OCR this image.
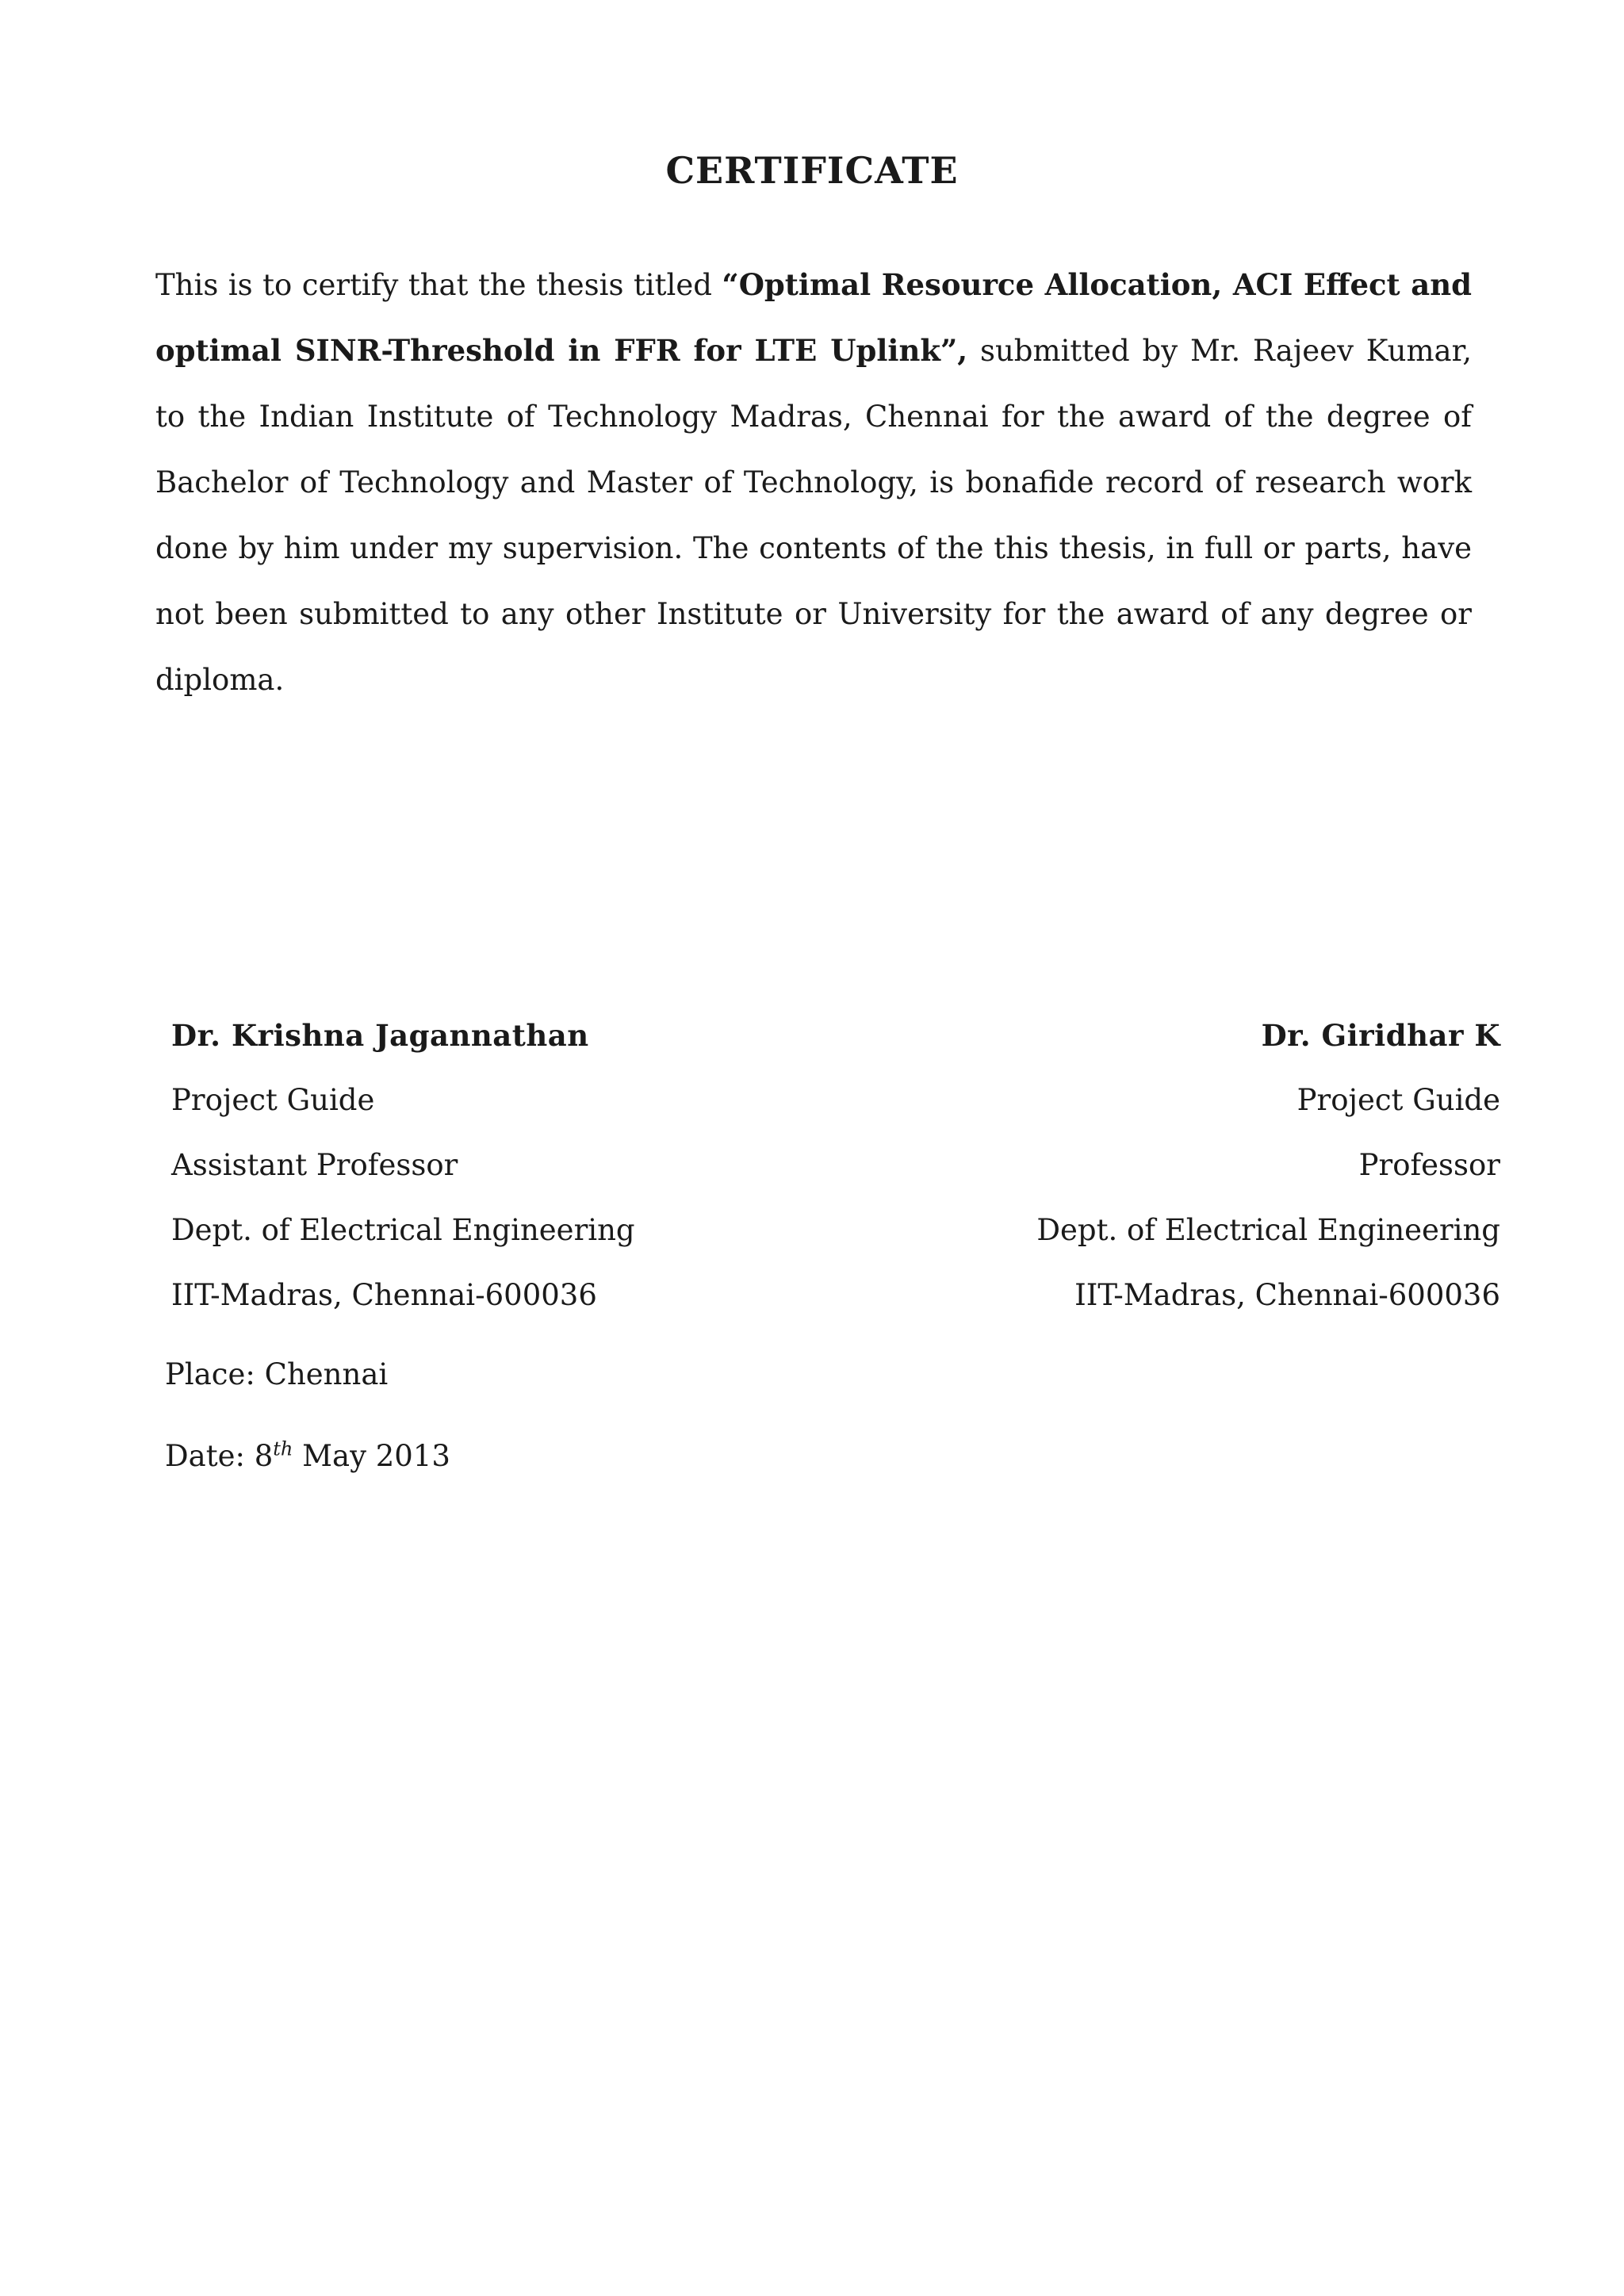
CERTIFICATE

This is to certify that the thesis titled “Optimal Resource Allocation, ACI Effect and optimal SINR-Threshold in FFR for LTE Uplink”, submitted by Mr. Rajeev Kumar, to the Indian Institute of Technology Madras, Chennai for the award of the degree of Bachelor of Technology and Master of Technology, is bonafide record of research work done by him under my supervision. The contents of the this thesis, in full or parts, have not been submitted to any other Institute or University for the award of any degree or diploma.

Dr. Krishna Jagannathan
Project Guide
Assistant Professor
Dept. of Electrical Engineering
IIT-Madras, Chennai-600036
Dr. Giridhar K
Project Guide
Professor
Dept. of Electrical Engineering
IIT-Madras, Chennai-600036
Place: Chennai
Date: 8th May 2013
